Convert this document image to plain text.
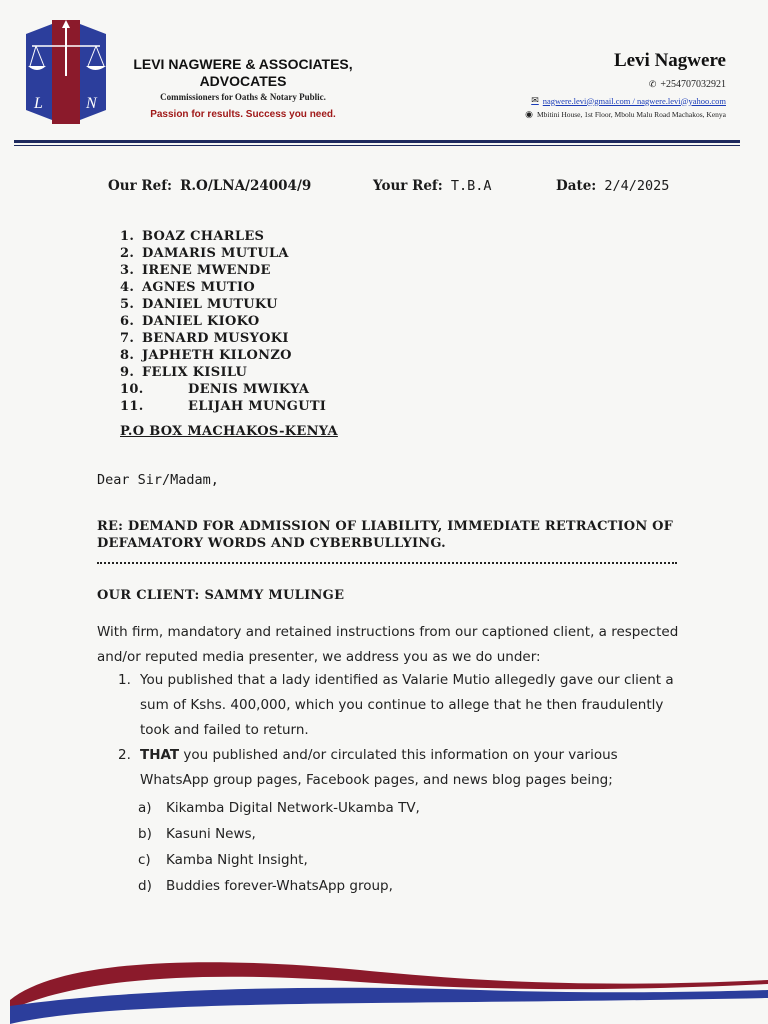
L	N
LEVI NAGWERE & ASSOCIATES,
ADVOCATES
Commissioners for Oaths & Notary Public.
Passion for results. Success you need.
Levi Nagwere
✆ +254707032921
✉ nagwere.levi@gmail.com / nagwere.levi@yahoo.com
◉ Mbitini House, 1st Floor, Mbolu Malu Road Machakos, Kenya
Our Ref: R.O/LNA/24004/9	Your Ref: T.B.A	Date: 2/4/2025
1. BOAZ CHARLES
2. DAMARIS MUTULA
3. IRENE MWENDE
4. AGNES MUTIO
5. DANIEL MUTUKU
6. DANIEL KIOKO
7. BENARD MUSYOKI
8. JAPHETH KILONZO
9. FELIX KISILU
10.	DENIS MWIKYA
11.	ELIJAH MUNGUTI
P.O BOX MACHAKOS-KENYA
Dear Sir/Madam,
RE: DEMAND FOR ADMISSION OF LIABILITY, IMMEDIATE RETRACTION OF DEFAMATORY WORDS AND CYBERBULLYING.
OUR CLIENT: SAMMY MULINGE
With firm, mandatory and retained instructions from our captioned client, a respected and/or reputed media presenter, we address you as we do under:
1. You published that a lady identified as Valarie Mutio allegedly gave our client a sum of Kshs. 400,000, which you continue to allege that he then fraudulently took and failed to return.
2. THAT you published and/or circulated this information on your various WhatsApp group pages, Facebook pages, and news blog pages being;
a) Kikamba Digital Network-Ukamba TV,
b) Kasuni News,
c) Kamba Night Insight,
d) Buddies forever-WhatsApp group,
